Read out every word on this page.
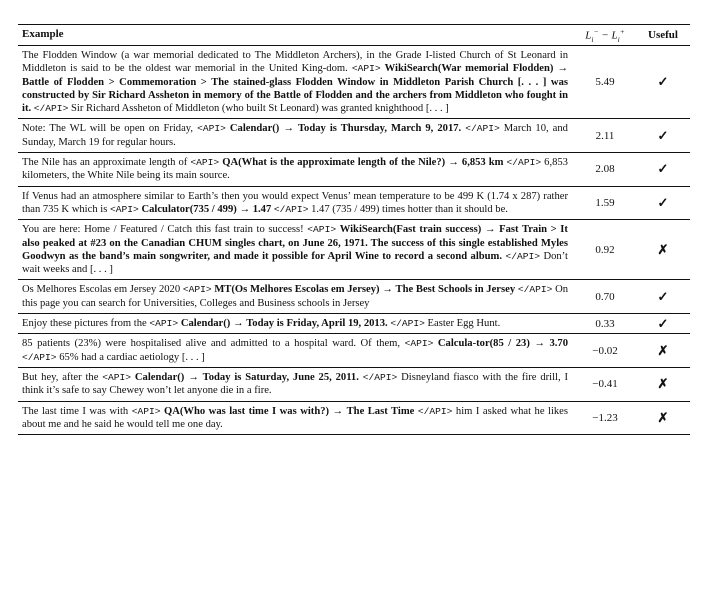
Example	$L_i^- - L_i^+$	Useful
The Flodden Window (a war memorial dedicated to The Middleton Archers), in the Grade I-listed Church of St Leonard in Middleton is said to be the oldest war memorial in the United King-dom. <API> WikiSearch(War memorial Flodden) → Battle of Flodden > Commemoration > The stained-glass Flodden Window in Middleton Parish Church [. . . ] was constructed by Sir Richard Assheton in memory of the Battle of Flodden and the archers from Middleton who fought in it. </API> Sir Richard Assheton of Middleton (who built St Leonard) was granted knighthood [. . . ]
5.49	✓
Note: The WL will be open on Friday, <API> Calendar() → Today is Thursday, March 9, 2017. </API> March 10, and Sunday, March 19 for regular hours.
2.11	✓
The Nile has an approximate length of <API> QA(What is the approximate length of the Nile?) → 6,853 km </API> 6,853 kilometers, the White Nile being its main source.
2.08	✓
If Venus had an atmosphere similar to Earth’s then you would expect Venus’ mean temperature to be 499 K (1.74 x 287) rather than 735 K which is <API> Calculator(735 / 499) → 1.47 </API> 1.47 (735 / 499) times hotter than it should be.
1.59	✓
You are here: Home / Featured / Catch this fast train to success! <API> WikiSearch(Fast train success) → Fast Train > It also peaked at #23 on the Canadian CHUM singles chart, on June 26, 1971. The success of this single established Myles Goodwyn as the band’s main songwriter, and made it possible for April Wine to record a second album. </API> Don’t wait weeks and [. . . ]
0.92	✗
Os Melhores Escolas em Jersey 2020 <API> MT(Os Melhores Escolas em Jersey) → The Best Schools in Jersey </API> On this page you can search for Universities, Colleges and Business schools in Jersey
0.70	✓
Enjoy these pictures from the <API> Calendar() → Today is Friday, April 19, 2013. </API> Easter Egg Hunt.	0.33	✓
85 patients (23%) were hospitalised alive and admitted to a hospital ward. Of them, <API> Calcula-tor(85 / 23) → 3.70 </API> 65% had a cardiac aetiology [. . . ]
−0.02	✗
But hey, after the <API> Calendar() → Today is Saturday, June 25, 2011. </API> Disneyland fiasco with the fire drill, I think it’s safe to say Chewey won’t let anyone die in a fire.
−0.41	✗
The last time I was with <API> QA(Who was last time I was with?) → The Last Time </API> him I asked what he likes about me and he said he would tell me one day.
−1.23	✗
